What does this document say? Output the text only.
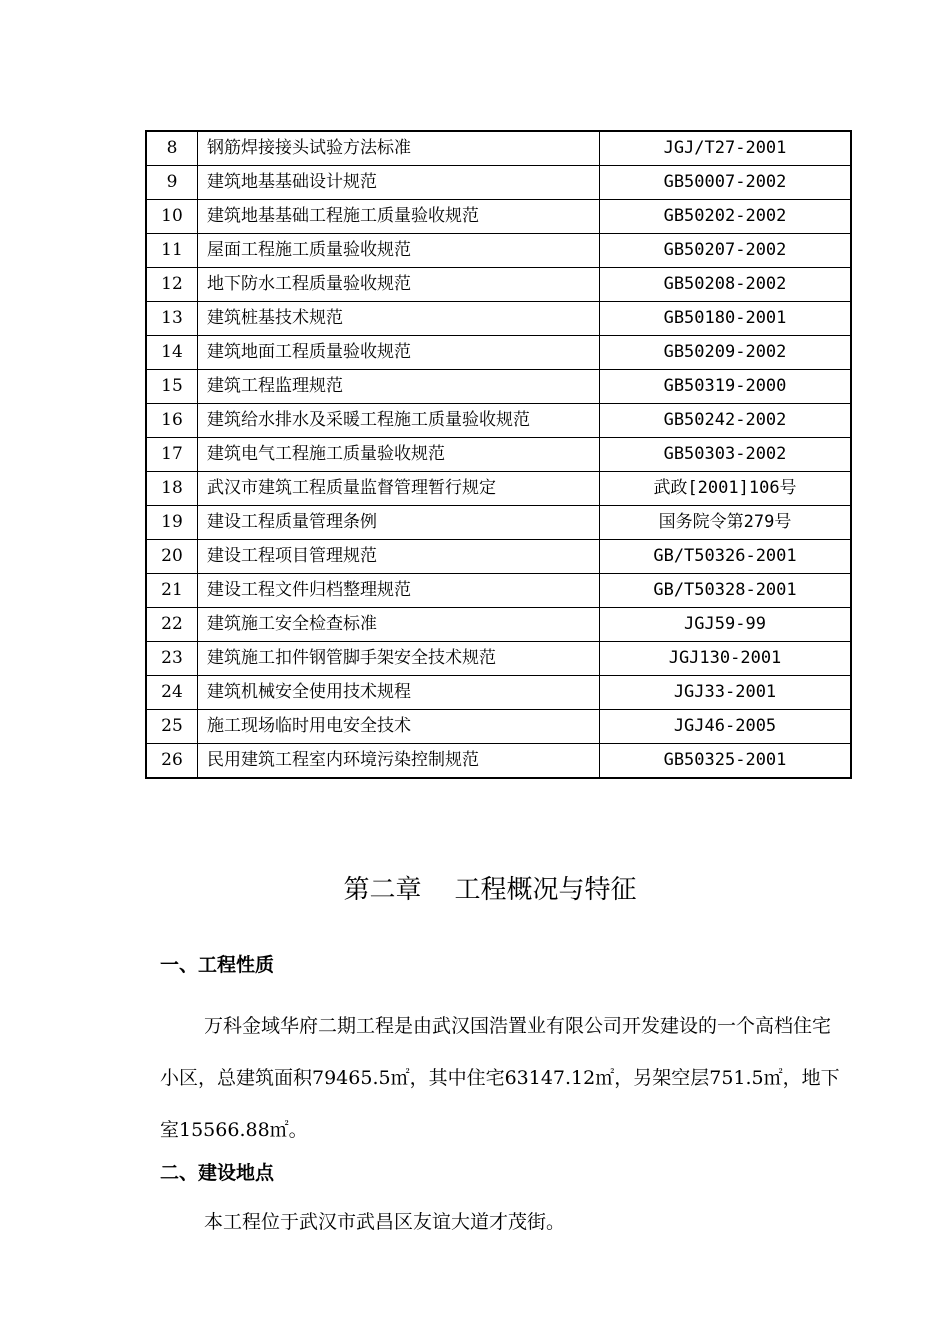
8	钢筋焊接接头试验方法标准	JGJ/T27-2001
9	建筑地基基础设计规范	GB50007-2002
10	建筑地基基础工程施工质量验收规范	GB50202-2002
11	屋面工程施工质量验收规范	GB50207-2002
12	地下防水工程质量验收规范	GB50208-2002
13	建筑桩基技术规范	GB50180-2001
14	建筑地面工程质量验收规范	GB50209-2002
15	建筑工程监理规范	GB50319-2000
16	建筑给水排水及采暖工程施工质量验收规范	GB50242-2002
17	建筑电气工程施工质量验收规范	GB50303-2002
18	武汉市建筑工程质量监督管理暂行规定	武政[2001]106号
19	建设工程质量管理条例	国务院令第279号
20	建设工程项目管理规范	GB/T50326-2001
21	建设工程文件归档整理规范	GB/T50328-2001
22	建筑施工安全检查标准	JGJ59-99
23	建筑施工扣件钢管脚手架安全技术规范	JGJ130-2001
24	建筑机械安全使用技术规程	JGJ33-2001
25	施工现场临时用电安全技术	JGJ46-2005
26	民用建筑工程室内环境污染控制规范	GB50325-2001
第二章    工程概况与特征
一、工程性质

万科金域华府二期工程是由武汉国浩置业有限公司开发建设的一个高档住宅小区，总建筑面积79465.5㎡，其中住宅63147.12㎡，另架空层751.5㎡，地下室15566.88㎡。

二、建设地点

本工程位于武汉市武昌区友谊大道才茂街。
